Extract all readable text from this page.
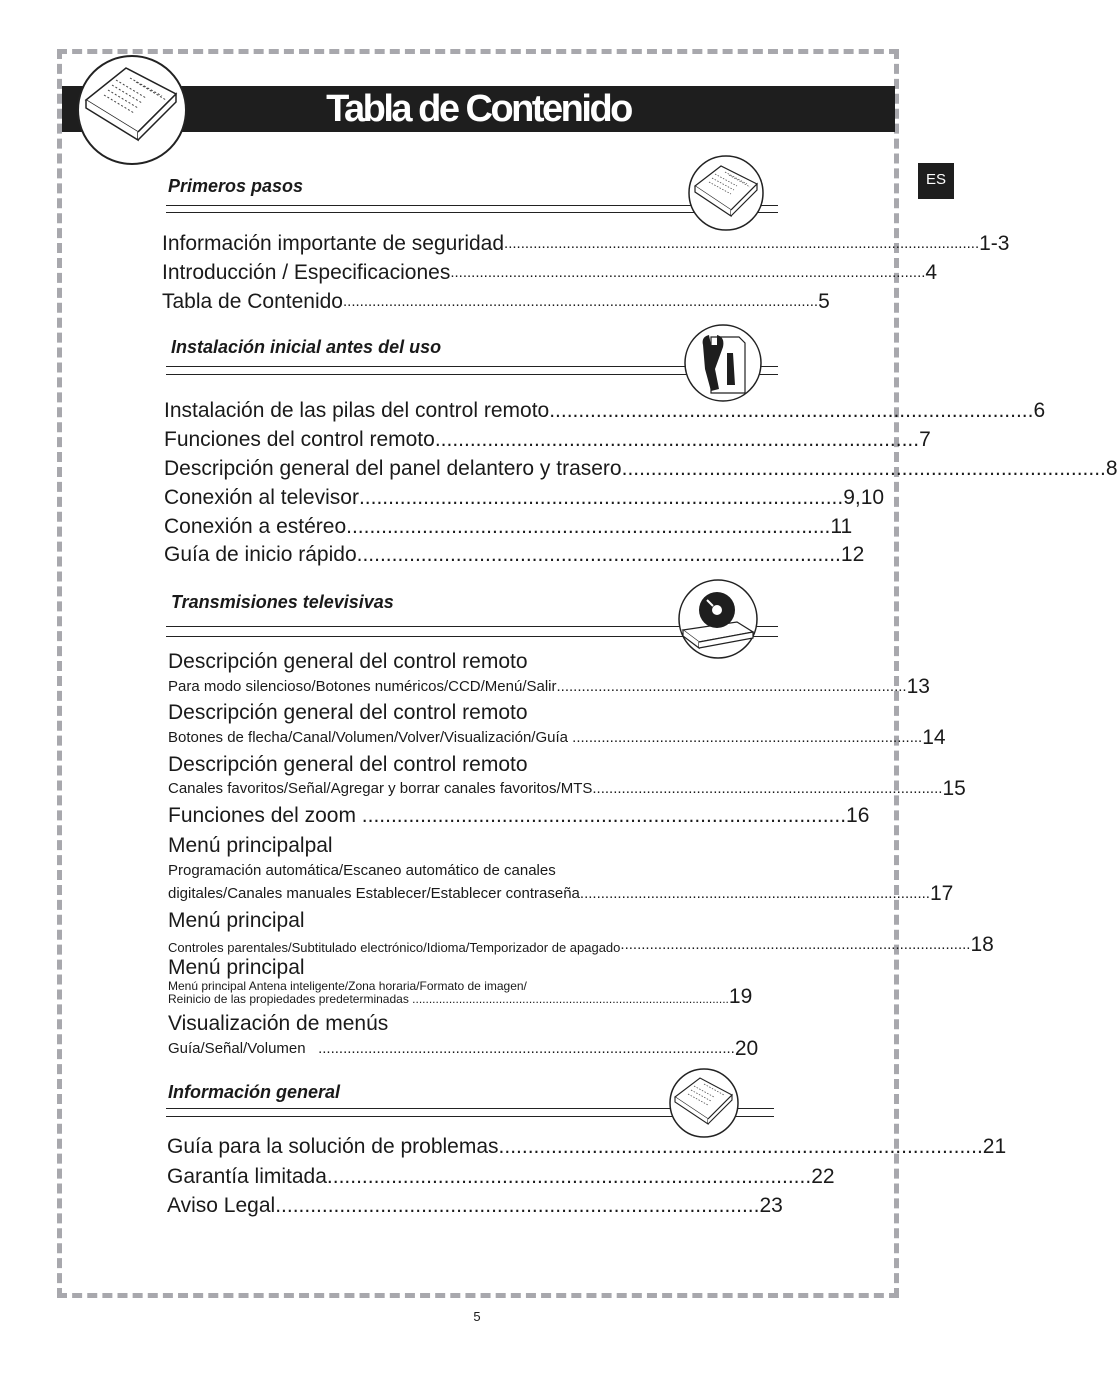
Tabla de Contenido
ES
Primeros pasos
Información importante de seguridad .................................................................................................................. 1-3
Introducción / Especificaciones .................................................................................................................. 4
Tabla de Contenido .................................................................................................................. 5
Instalación inicial antes del uso
Instalación de las pilas del control remoto ................................................................................... 6
Funciones del control remoto ................................................................................... 7
Descripción general del panel delantero y trasero ................................................................................... 8
Conexión al televisor ................................................................................... 9,10
Conexión a estéreo ................................................................................... 11
Guía de inicio rápido ................................................................................... 12
Transmisiones televisivas
Descripción general del control remoto
Para modo silencioso/Botones numéricos/CCD/Menú/Salir .................................................................................... 13
Descripción general del control remoto
Botones de flecha/Canal/Volumen/Volver/Visualización/Guía .................................................................................... 14
Descripción general del control remoto
Canales favoritos/Señal/Agregar y borrar canales favoritos/MTS .................................................................................... 15
Funciones del zoom ................................................................................... 16
Menú principalpal
Programación automática/Escaneo automático de canales
digitales/Canales manuales Establecer/Establecer contraseña .................................................................................... 17
Menú principal
Controles parentales/Subtitulado electrónico/Idioma/Temporizador de apagado .................................................................................... 18
Menú principal
Menú principal Antena inteligente/Zona horaria/Formato de imagen/
Reinicio de las propiedades predeterminadas ............................................................................................... 19
Visualización de menús
Guía/Señal/Volumen .................................................................................................... 20
Información general
Guía para la solución de problemas ................................................................................... 21
Garantía limitada ................................................................................... 22
Aviso Legal ................................................................................... 23
5
